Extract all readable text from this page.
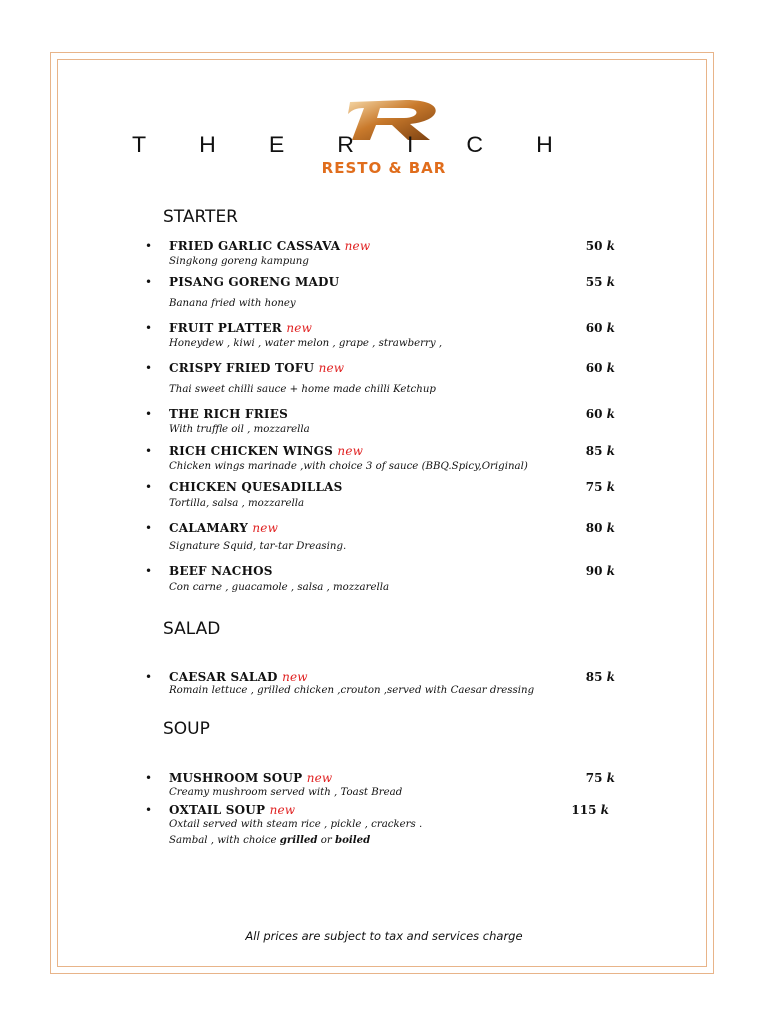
THERICH
RESTO & BAR
STARTER
• FRIED GARLIC CASSAVA new	50 k
Singkong goreng kampung
• PISANG GORENG MADU	55 k
Banana fried with honey
• FRUIT PLATTER new	60 k
Honeydew , kiwi , water melon , grape , strawberry ,
• CRISPY FRIED TOFU new	60 k
Thai sweet chilli sauce + home made chilli Ketchup
• THE RICH FRIES	60 k
With truffle oil , mozzarella
• RICH CHICKEN WINGS new	85 k
Chicken wings marinade ,with choice 3 of sauce (BBQ.Spicy,Original)
• CHICKEN QUESADILLAS	75 k
Tortilla, salsa , mozzarella
• CALAMARY new	80 k
Signature Squid, tar-tar Dreasing.
• BEEF NACHOS	90 k
Con carne , guacamole , salsa , mozzarella
SALAD
• CAESAR SALAD new	85 k
Romain lettuce , grilled chicken ,crouton ,served with Caesar dressing
SOUP
• MUSHROOM SOUP new	75 k
Creamy mushroom served with , Toast Bread
• OXTAIL SOUP new	115 k
Oxtail served with steam rice , pickle , crackers .
Sambal , with choice grilled or boiled
All prices are subject to tax and services charge
